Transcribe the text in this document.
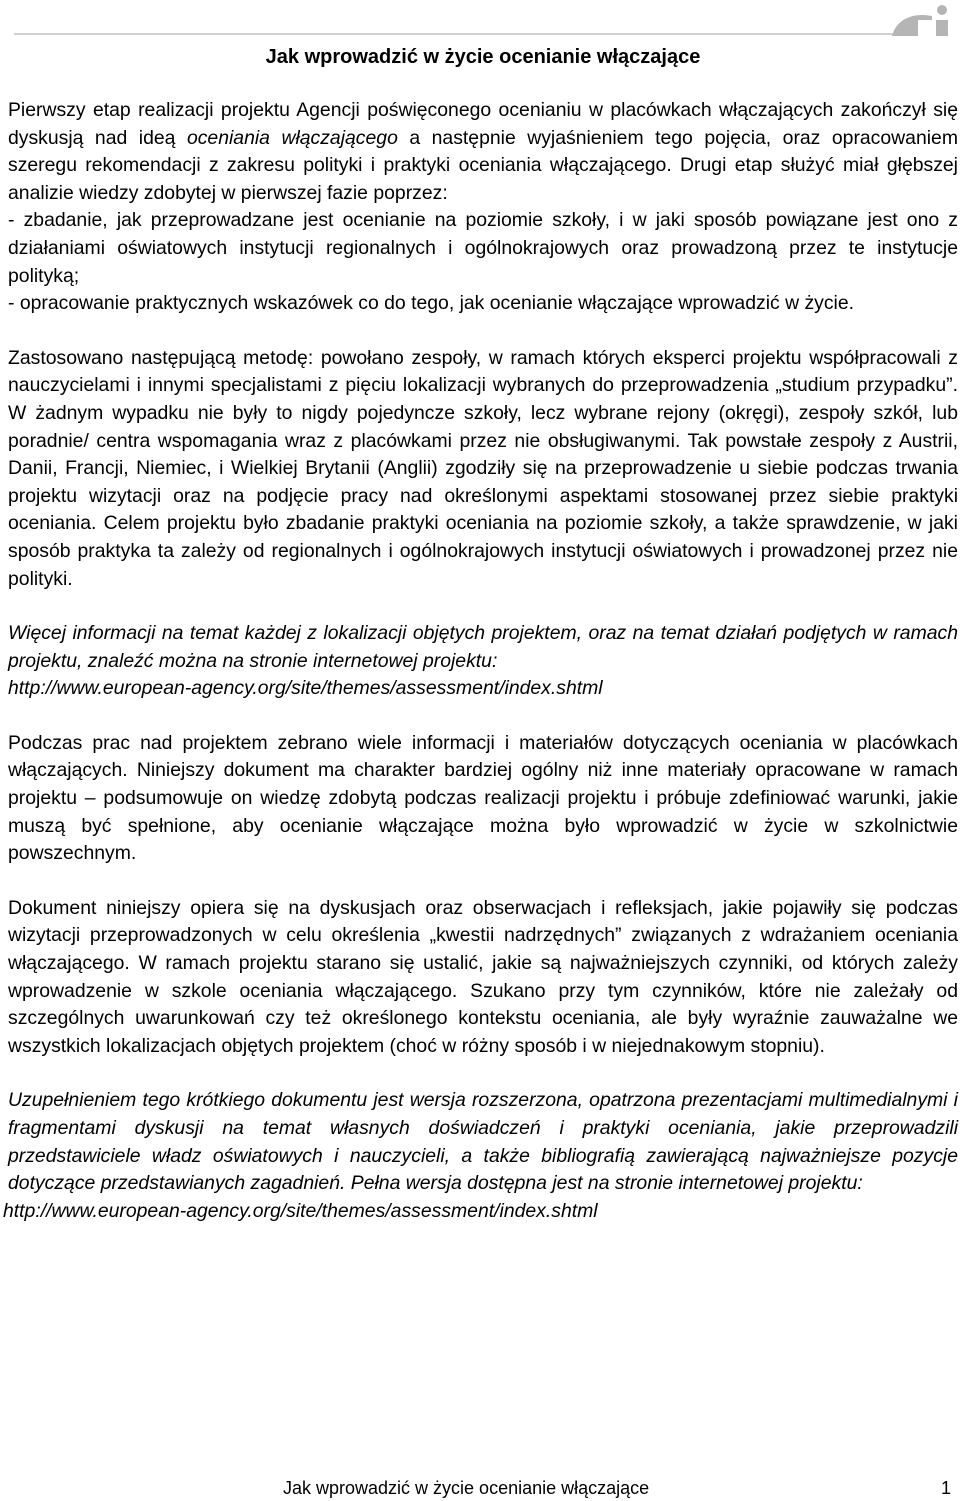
Jak wprowadzić w życie ocenianie włączające

Pierwszy etap realizacji projektu Agencji poświęconego ocenianiu w placówkach włączających zakończył się dyskusją nad ideą oceniania włączającego a następnie wyjaśnieniem tego pojęcia, oraz opracowaniem szeregu rekomendacji z zakresu polityki i praktyki oceniania włączającego. Drugi etap służyć miał głębszej analizie wiedzy zdobytej w pierwszej fazie poprzez:
- zbadanie, jak przeprowadzane jest ocenianie na poziomie szkoły, i w jaki sposób powiązane jest ono z działaniami oświatowych instytucji regionalnych i ogólnokrajowych oraz prowadzoną przez te instytucje polityką;
- opracowanie praktycznych wskazówek co do tego, jak ocenianie włączające wprowadzić w życie.

Zastosowano następującą metodę: powołano zespoły, w ramach których eksperci projektu współpracowali z nauczycielami i innymi specjalistami z pięciu lokalizacji wybranych do przeprowadzenia „studium przypadku”. W żadnym wypadku nie były to nigdy pojedyncze szkoły, lecz wybrane rejony (okręgi), zespoły szkół, lub poradnie/ centra wspomagania wraz z placówkami przez nie obsługiwanymi. Tak powstałe zespoły z Austrii, Danii, Francji, Niemiec, i Wielkiej Brytanii (Anglii) zgodziły się na przeprowadzenie u siebie podczas trwania projektu wizytacji oraz na podjęcie pracy nad określonymi aspektami stosowanej przez siebie praktyki oceniania. Celem projektu było zbadanie praktyki oceniania na poziomie szkoły, a także sprawdzenie, w jaki sposób praktyka ta zależy od regionalnych i ogólnokrajowych instytucji oświatowych i prowadzonej przez nie polityki.

Więcej informacji na temat każdej z lokalizacji objętych projektem, oraz na temat działań podjętych w ramach projektu, znaleźć można na stronie internetowej projektu:
http://www.european-agency.org/site/themes/assessment/index.shtml

Podczas prac nad projektem zebrano wiele informacji i materiałów dotyczących oceniania w placówkach włączających. Niniejszy dokument ma charakter bardziej ogólny niż inne materiały opracowane w ramach projektu – podsumowuje on wiedzę zdobytą podczas realizacji projektu i próbuje zdefiniować warunki, jakie muszą być spełnione, aby ocenianie włączające można było wprowadzić w życie w szkolnictwie powszechnym.

Dokument niniejszy opiera się na dyskusjach oraz obserwacjach i refleksjach, jakie pojawiły się podczas wizytacji przeprowadzonych w celu określenia „kwestii nadrzędnych” związanych z wdrażaniem oceniania włączającego. W ramach projektu starano się ustalić, jakie są najważniejszych czynniki, od których zależy wprowadzenie w szkole oceniania włączającego. Szukano przy tym czynników, które nie zależały od szczególnych uwarunkowań czy też określonego kontekstu oceniania, ale były wyraźnie zauważalne we wszystkich lokalizacjach objętych projektem (choć w różny sposób i w niejednakowym stopniu).

Uzupełnieniem tego krótkiego dokumentu jest wersja rozszerzona, opatrzona prezentacjami multimedialnymi i fragmentami dyskusji na temat własnych doświadczeń i praktyki oceniania, jakie przeprowadzili przedstawiciele władz oświatowych i nauczycieli, a także bibliografią zawierającą najważniejsze pozycje dotyczące przedstawianych zagadnień. Pełna wersja dostępna jest na stronie internetowej projektu:
http://www.european-agency.org/site/themes/assessment/index.shtml

Jak wprowadzić w życie ocenianie włączające	1
